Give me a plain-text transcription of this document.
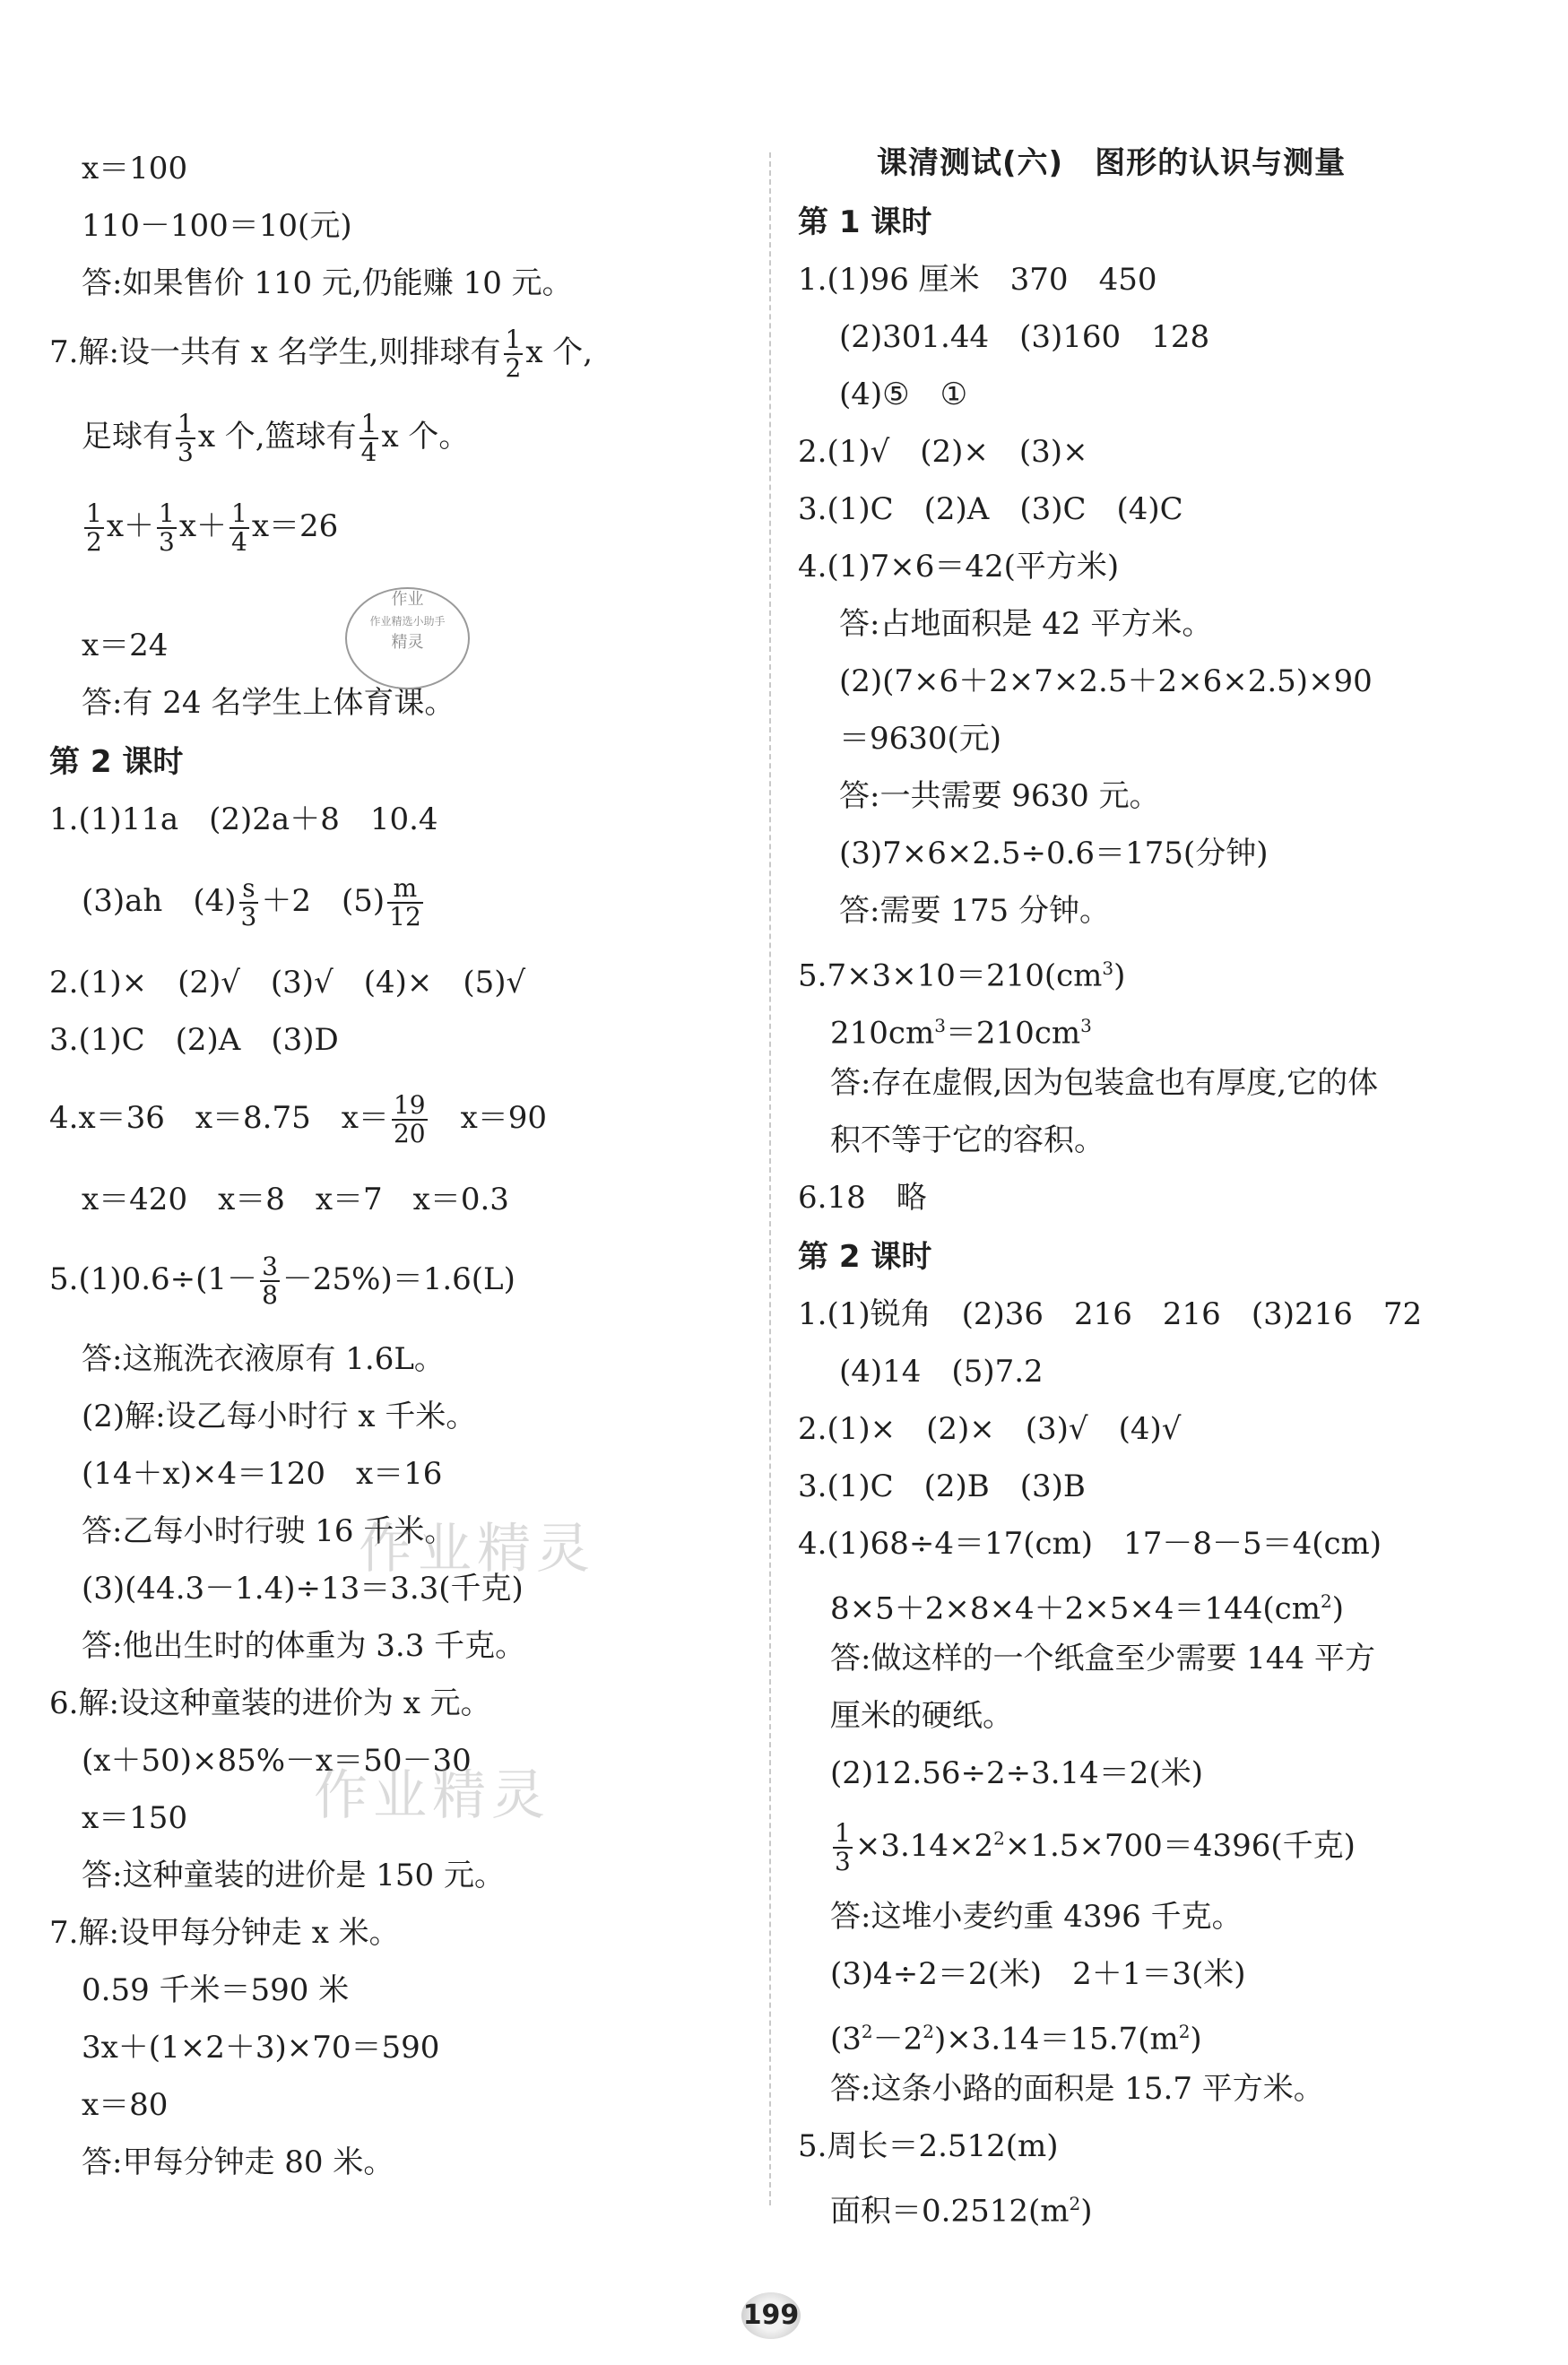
x＝100
110－100＝10(元)
答:如果售价 110 元,仍能赚 10 元。
7.解:设一共有 x 名学生,则排球有 $\frac{1}{2}$ x 个,
足球有 $\frac{1}{3}$ x 个,篮球有 $\frac{1}{4}$ x 个。
$\frac{1}{2} x+ \frac{1}{3} x+ \frac{1}{4} x=26$
x＝24
答:有 24 名学生上体育课。
第 2 课时
1.(1)11a　(2)2a＋8　10.4
(3)ah　$(4) \frac{s}{3} +2$　$(5) \frac{m}{12}$
2.(1)×　(2)√　(3)√　(4)×　(5)√
3.(1)C　(2)A　(3)D
4.x＝36　x＝8.75　$x= \frac{19}{20}$ 　x＝90
x＝420　x＝8　x＝7　x＝0.3
$5.(1)0.6\div(1- \frac{3}{8} -25\%)=1.6(L)$
答:这瓶洗衣液原有 1.6L。
(2)解:设乙每小时行 x 千米。
(14＋x)×4＝120　x＝16
答:乙每小时行驶 16 千米。
(3)(44.3－1.4)÷13＝3.3(千克)
答:他出生时的体重为 3.3 千克。
6.解:设这种童装的进价为 x 元。
(x＋50)×85%－x＝50－30
x＝150
答:这种童装的进价是 150 元。
7.解:设甲每分钟走 x 米。
0.59 千米＝590 米
3x＋(1×2＋3)×70＝590
x＝80
答:甲每分钟走 80 米。
课清测试(六)　图形的认识与测量
第 1 课时
1.(1)96 厘米　370　450
(2)301.44　(3)160　128
(4)⑤　①
2.(1)√　(2)×　(3)×
3.(1)C　(2)A　(3)C　(4)C
4.(1)7×6＝42(平方米)
答:占地面积是 42 平方米。
(2)(7×6＋2×7×2.5＋2×6×2.5)×90
＝9630(元)
答:一共需要 9630 元。
(3)7×6×2.5÷0.6＝175(分钟)
答:需要 175 分钟。
$5.7\times 3\times 10=210(cm^3)$
$210cm^3=210cm^3$
答:存在虚假,因为包装盒也有厚度,它的体
积不等于它的容积。
6.18　略
第 2 课时
1.(1)锐角　(2)36　216　216　(3)216　72
(4)14　(5)7.2
2.(1)×　(2)×　(3)√　(4)√
3.(1)C　(2)B　(3)B
4.(1)68÷4＝17(cm)　17－8－5＝4(cm)
$8\times 5+2\times 8\times 4+2\times 5\times 4=144(cm^2)$
答:做这样的一个纸盒至少需要 144 平方
厘米的硬纸。
(2)12.56÷2÷3.14＝2(米)
$\frac{1}{3} \times 3.14\times 2^2\times 1.5\times 700=4396$(千克)
答:这堆小麦约重 4396 千克。
(3)4÷2＝2(米)　2＋1＝3(米)
$(3^2-2^2)\times 3.14=15.7(m^2)$
答:这条小路的面积是 15.7 平方米。
5.周长＝2.512(m)
面积$=0.2512(m^2)$
作业
作业精选小助手
精灵
作业精灵
作业精灵
199
